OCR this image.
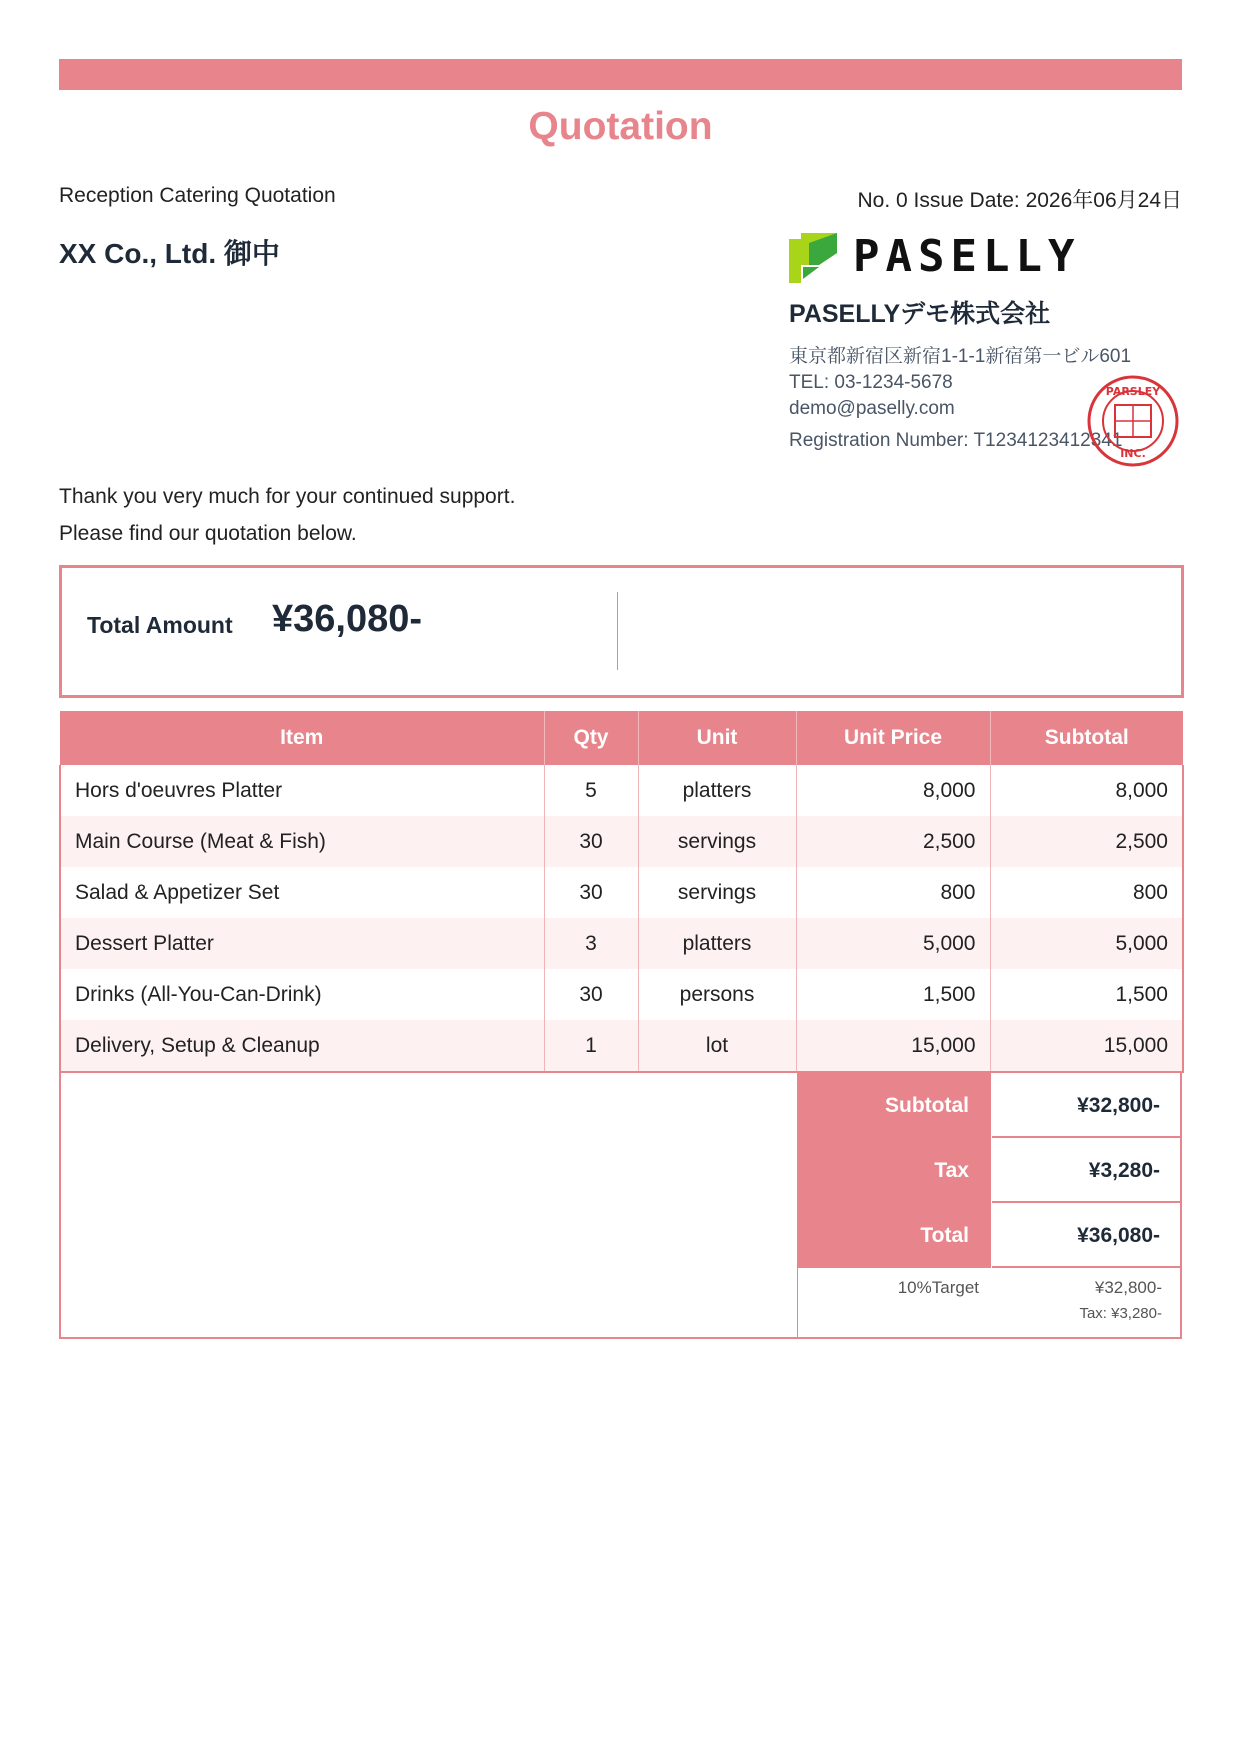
Quotation
Reception Catering Quotation	No. 0 Issue Date: 2026年06月24日
XX Co., Ltd. 御中	PASELLY
PASELLYデモ株式会社
東京都新宿区新宿1-1-1新宿第一ビル601
TEL: 03-1234-5678
demo@paselly.com
Registration Number: T1234123412341
PARSLEY
INC.
Thank you very much for your continued support.
Please find our quotation below.
Total Amount ¥36,080-
Item	Qty	Unit	Unit Price	Subtotal
Hors d'oeuvres Platter	5	platters	8,000	8,000
Main Course (Meat & Fish)	30	servings	2,500	2,500
Salad & Appetizer Set	30	servings	800	800
Dessert Platter	3	platters	5,000	5,000
Drinks (All-You-Can-Drink)	30	persons	1,500	1,500
Delivery, Setup & Cleanup	1	lot	15,000	15,000
Subtotal	¥32,800-
Tax	¥3,280-
Total	¥36,080-
10%Target	¥32,800-
Tax: ¥3,280-
